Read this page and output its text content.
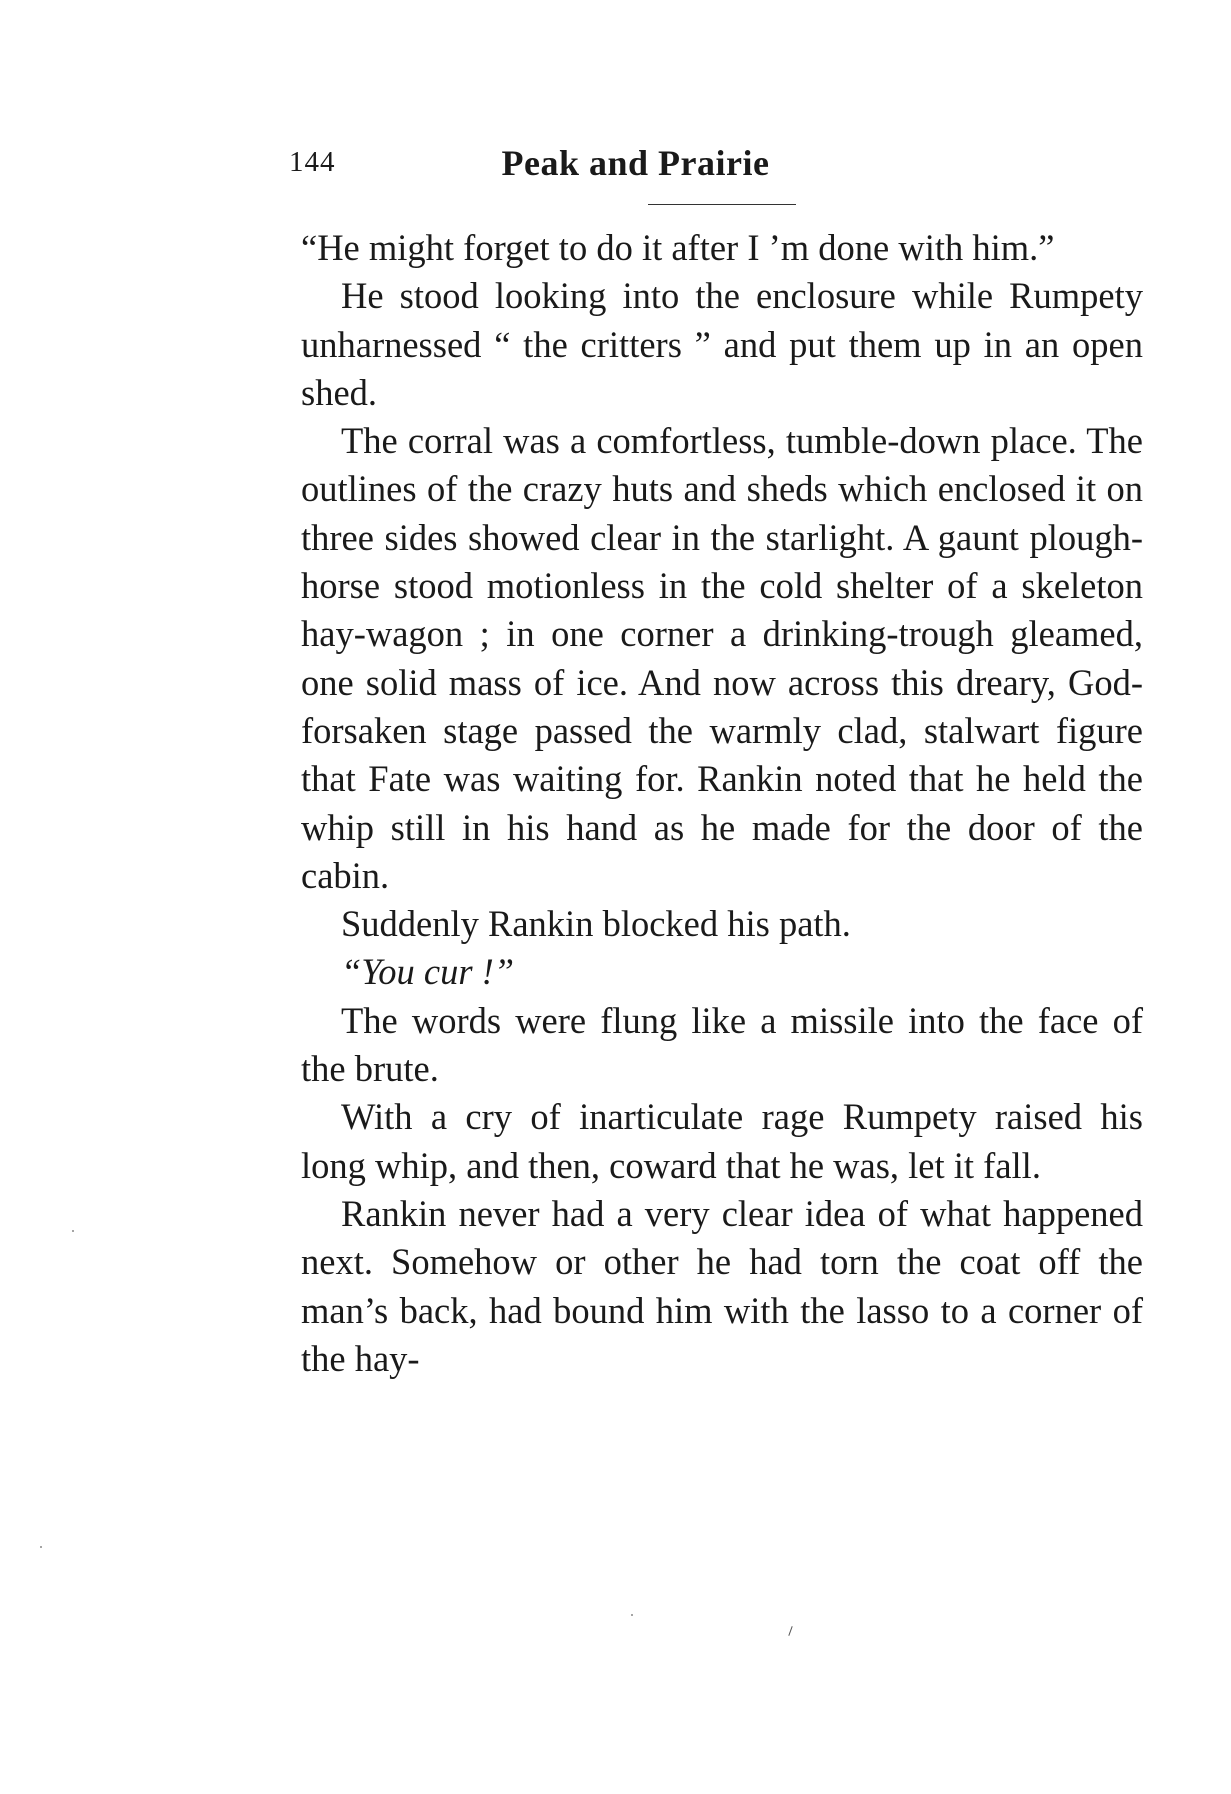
144	Peak and Prairie

“He might forget to do it after I ’m done with him.”

He stood looking into the enclosure while Rumpety unharnessed “ the critters ” and put them up in an open shed.

The corral was a comfortless, tumble-down place. The outlines of the crazy huts and sheds which enclosed it on three sides showed clear in the starlight. A gaunt plough-horse stood motionless in the cold shelter of a skeleton hay-wagon ; in one corner a drinking-trough gleamed, one solid mass of ice. And now across this dreary, God-forsaken stage passed the warmly clad, stalwart figure that Fate was waiting for. Rankin noted that he held the whip still in his hand as he made for the door of the cabin.

Suddenly Rankin blocked his path.

“You cur !”

The words were flung like a missile into the face of the brute.

With a cry of inarticulate rage Rumpety raised his long whip, and then, coward that he was, let it fall.

Rankin never had a very clear idea of what happened next. Somehow or other he had torn the coat off the man’s back, had bound him with the lasso to a corner of the hay-
